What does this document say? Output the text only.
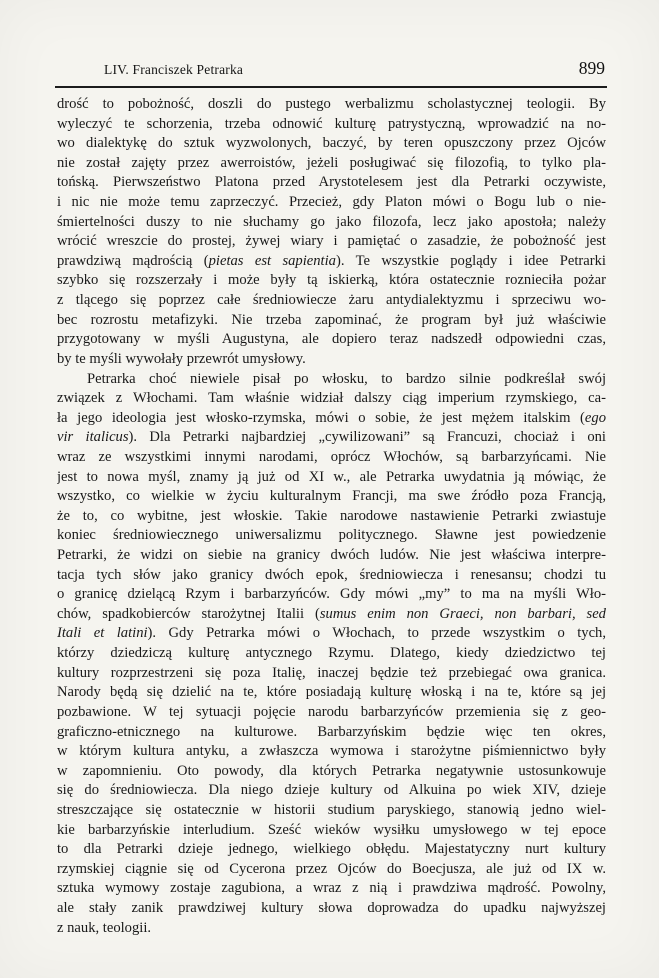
LIV. Franciszek Petrarka	899
drość to pobożność, doszli do pustego werbalizmu scholastycznej teologii. By
wyleczyć te schorzenia, trzeba odnowić kulturę patrystyczną, wprowadzić na no-
wo dialektykę do sztuk wyzwolonych, baczyć, by teren opuszczony przez Ojców
nie został zajęty przez awerroistów, jeżeli posługiwać się filozofią, to tylko pla-
tońską. Pierwszeństwo Platona przed Arystotelesem jest dla Petrarki oczywiste,
i nic nie może temu zaprzeczyć. Przecież, gdy Platon mówi o Bogu lub o nie-
śmiertelności duszy to nie słuchamy go jako filozofa, lecz jako apostoła; należy
wrócić wreszcie do prostej, żywej wiary i pamiętać o zasadzie, że pobożność jest
prawdziwą mądrością (pietas est sapientia). Te wszystkie poglądy i idee Petrarki
szybko się rozszerzały i może były tą iskierką, która ostatecznie roznieciła pożar
z tlącego się poprzez całe średniowiecze żaru antydialektyzmu i sprzeciwu wo-
bec rozrostu metafizyki. Nie trzeba zapominać, że program był już właściwie
przygotowany w myśli Augustyna, ale dopiero teraz nadszedł odpowiedni czas,
by te myśli wywołały przewrót umysłowy.
Petrarka choć niewiele pisał po włosku, to bardzo silnie podkreślał swój
związek z Włochami. Tam właśnie widział dalszy ciąg imperium rzymskiego, ca-
ła jego ideologia jest włosko-rzymska, mówi o sobie, że jest mężem italskim (ego
vir italicus). Dla Petrarki najbardziej „cywilizowani” są Francuzi, chociaż i oni
wraz ze wszystkimi innymi narodami, oprócz Włochów, są barbarzyńcami. Nie
jest to nowa myśl, znamy ją już od XI w., ale Petrarka uwydatnia ją mówiąc, że
wszystko, co wielkie w życiu kulturalnym Francji, ma swe źródło poza Francją,
że to, co wybitne, jest włoskie. Takie narodowe nastawienie Petrarki zwiastuje
koniec średniowiecznego uniwersalizmu politycznego. Sławne jest powiedzenie
Petrarki, że widzi on siebie na granicy dwóch ludów. Nie jest właściwa interpre-
tacja tych słów jako granicy dwóch epok, średniowiecza i renesansu; chodzi tu
o granicę dzielącą Rzym i barbarzyńców. Gdy mówi „my” to ma na myśli Wło-
chów, spadkobierców starożytnej Italii (sumus enim non Graeci, non barbari, sed
Itali et latini). Gdy Petrarka mówi o Włochach, to przede wszystkim o tych,
którzy dziedziczą kulturę antycznego Rzymu. Dlatego, kiedy dziedzictwo tej
kultury rozprzestrzeni się poza Italię, inaczej będzie też przebiegać owa granica.
Narody będą się dzielić na te, które posiadają kulturę włoską i na te, które są jej
pozbawione. W tej sytuacji pojęcie narodu barbarzyńców przemienia się z geo-
graficzno-etnicznego na kulturowe. Barbarzyńskim będzie więc ten okres,
w którym kultura antyku, a zwłaszcza wymowa i starożytne piśmiennictwo były
w zapomnieniu. Oto powody, dla których Petrarka negatywnie ustosunkowuje
się do średniowiecza. Dla niego dzieje kultury od Alkuina po wiek XIV, dzieje
streszczające się ostatecznie w historii studium paryskiego, stanowią jedno wiel-
kie barbarzyńskie interludium. Sześć wieków wysiłku umysłowego w tej epoce
to dla Petrarki dzieje jednego, wielkiego obłędu. Majestatyczny nurt kultury
rzymskiej ciągnie się od Cycerona przez Ojców do Boecjusza, ale już od IX w.
sztuka wymowy zostaje zagubiona, a wraz z nią i prawdziwa mądrość. Powolny,
ale stały zanik prawdziwej kultury słowa doprowadza do upadku najwyższej
z nauk, teologii.
